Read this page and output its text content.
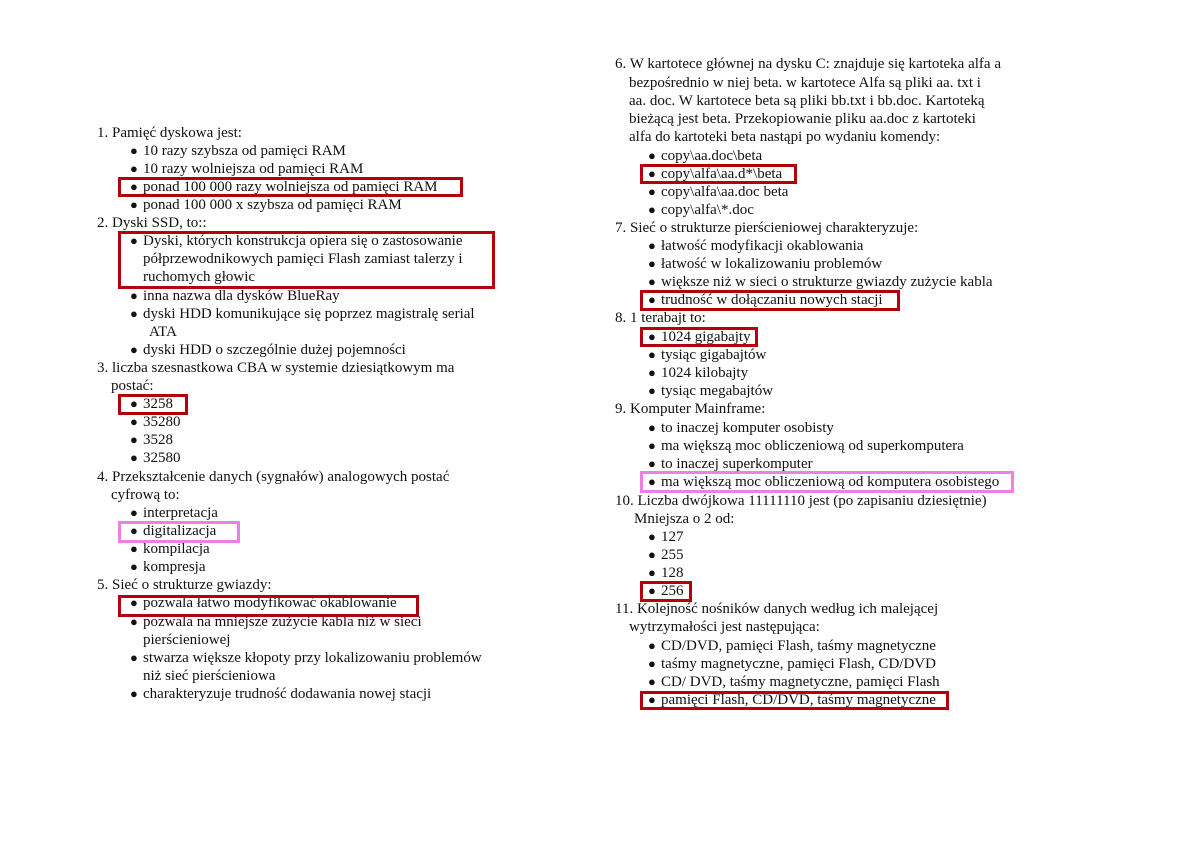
1. Pamięć dyskowa jest:
● 10 razy szybsza od pamięci RAM
● 10 razy wolniejsza od pamięci RAM
● ponad 100 000 razy wolniejsza od pamięci RAM
● ponad 100 000 x szybsza od pamięci RAM
2. Dyski SSD, to::
● Dyski, których konstrukcja opiera się o zastosowanie
półprzewodnikowych pamięci Flash zamiast talerzy i
ruchomych głowic
● inna nazwa dla dysków BlueRay
● dyski HDD komunikujące się poprzez magistralę serial
ATA
● dyski HDD o szczególnie dużej pojemności
3. liczba szesnastkowa CBA w systemie dziesiątkowym ma
postać:
● 3258
● 35280
● 3528
● 32580
4. Przekształcenie danych (sygnałów) analogowych postać
cyfrową to:
● interpretacja
● digitalizacja
● kompilacja
● kompresja
5. Sieć o strukturze gwiazdy:
● pozwala łatwo modyfikować okablowanie
● pozwala na mniejsze zużycie kabla niż w sieci
pierścieniowej
● stwarza większe kłopoty przy lokalizowaniu problemów
niż sieć pierścieniowa
● charakteryzuje trudność dodawania nowej stacji
6. W kartotece głównej na dysku C: znajduje się kartoteka alfa a
bezpośrednio w niej beta. w kartotece Alfa są pliki aa. txt i
aa. doc. W kartotece beta są pliki bb.txt i bb.doc. Kartoteką
bieżącą jest beta. Przekopiowanie pliku aa.doc z kartoteki
alfa do kartoteki beta nastąpi po wydaniu komendy:
● copy\aa.doc\beta
● copy\alfa\aa.d*\beta
● copy\alfa\aa.doc beta
● copy\alfa\*.doc
7. Sieć o strukturze pierścieniowej charakteryzuje:
● łatwość modyfikacji okablowania
● łatwość w lokalizowaniu problemów
● większe niż w sieci o strukturze gwiazdy zużycie kabla
● trudność w dołączaniu nowych stacji
8. 1 terabajt to:
● 1024 gigabajty
● tysiąc gigabajtów
● 1024 kilobajty
● tysiąc megabajtów
9. Komputer Mainframe:
● to inaczej komputer osobisty
● ma większą moc obliczeniową od superkomputera
● to inaczej superkomputer
● ma większą moc obliczeniową od komputera osobistego
10. Liczba dwójkowa 11111110 jest (po zapisaniu dziesiętnie)
Mniejsza o 2 od:
● 127
● 255
● 128
● 256
11. Kolejność nośników danych według ich malejącej
wytrzymałości jest następująca:
● CD/DVD, pamięci Flash, taśmy magnetyczne
● taśmy magnetyczne, pamięci Flash, CD/DVD
● CD/ DVD, taśmy magnetyczne, pamięci Flash
● pamięci Flash, CD/DVD, taśmy magnetyczne
